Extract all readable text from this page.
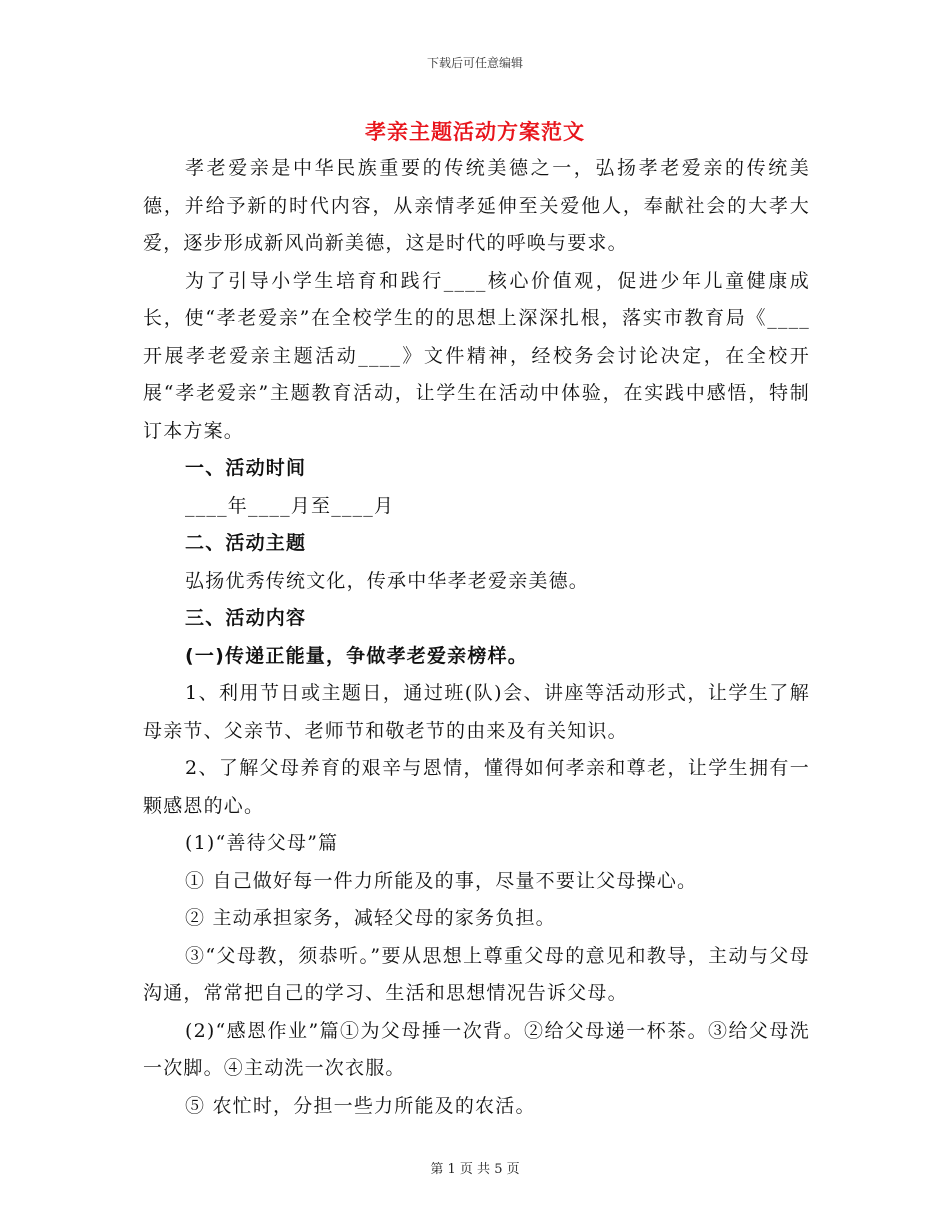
下载后可任意编辑
孝亲主题活动方案范文

孝老爱亲是中华民族重要的传统美德之一，弘扬孝老爱亲的传统美德，并给予新的时代内容，从亲情孝延伸至关爱他人，奉献社会的大孝大爱，逐步形成新风尚新美德，这是时代的呼唤与要求。

为了引导小学生培育和践行____核心价值观，促进少年儿童健康成长，使“孝老爱亲”在全校学生的的思想上深深扎根，落实市教育局《____开展孝老爱亲主题活动____》文件精神，经校务会讨论决定，在全校开展“孝老爱亲”主题教育活动，让学生在活动中体验，在实践中感悟，特制订本方案。

一、活动时间

____年____月至____月

二、活动主题

弘扬优秀传统文化，传承中华孝老爱亲美德。

三、活动内容

(一)传递正能量，争做孝老爱亲榜样。

1、利用节日或主题日，通过班(队)会、讲座等活动形式，让学生了解母亲节、父亲节、老师节和敬老节的由来及有关知识。

2、了解父母养育的艰辛与恩情，懂得如何孝亲和尊老，让学生拥有一颗感恩的心。

(1)“善待父母”篇

① 自己做好每一件力所能及的事，尽量不要让父母操心。

② 主动承担家务，减轻父母的家务负担。

③“父母教，须恭听。”要从思想上尊重父母的意见和教导，主动与父母沟通，常常把自己的学习、生活和思想情况告诉父母。

(2)“感恩作业”篇①为父母捶一次背。②给父母递一杯茶。③给父母洗一次脚。④主动洗一次衣服。

⑤ 农忙时，分担一些力所能及的农活。

第 1 页 共 5 页
